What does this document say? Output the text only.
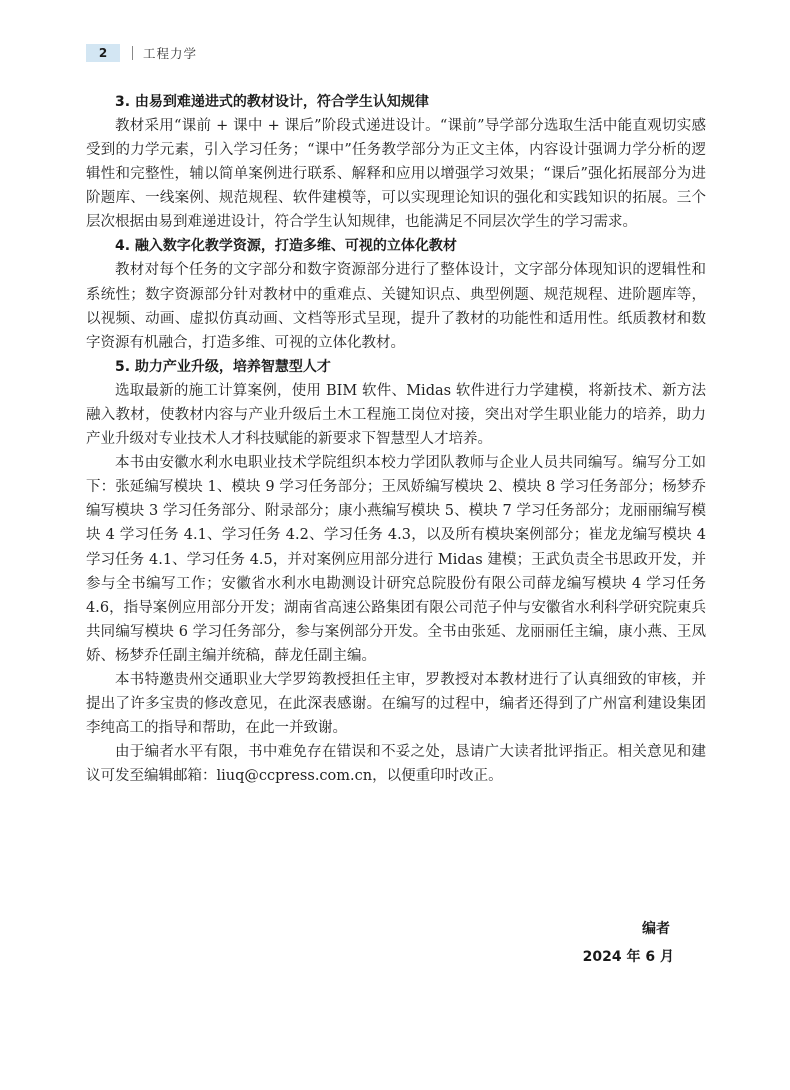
2	工程力学

3. 由易到难递进式的教材设计，符合学生认知规律

教材采用“课前 + 课中 + 课后”阶段式递进设计。“课前”导学部分选取生活中能直观切实感受到的力学元素，引入学习任务；“课中”任务教学部分为正文主体，内容设计强调力学分析的逻辑性和完整性，辅以简单案例进行联系、解释和应用以增强学习效果；“课后”强化拓展部分为进阶题库、一线案例、规范规程、软件建模等，可以实现理论知识的强化和实践知识的拓展。三个层次根据由易到难递进设计，符合学生认知规律，也能满足不同层次学生的学习需求。

4. 融入数字化教学资源，打造多维、可视的立体化教材

教材对每个任务的文字部分和数字资源部分进行了整体设计，文字部分体现知识的逻辑性和系统性；数字资源部分针对教材中的重难点、关键知识点、典型例题、规范规程、进阶题库等，以视频、动画、虚拟仿真动画、文档等形式呈现，提升了教材的功能性和适用性。纸质教材和数字资源有机融合，打造多维、可视的立体化教材。

5. 助力产业升级，培养智慧型人才

选取最新的施工计算案例，使用 BIM 软件、Midas 软件进行力学建模，将新技术、新方法融入教材，使教材内容与产业升级后土木工程施工岗位对接，突出对学生职业能力的培养，助力产业升级对专业技术人才科技赋能的新要求下智慧型人才培养。

本书由安徽水利水电职业技术学院组织本校力学团队教师与企业人员共同编写。编写分工如下：张延编写模块 1、模块 9 学习任务部分；王凤娇编写模块 2、模块 8 学习任务部分；杨梦乔编写模块 3 学习任务部分、附录部分；康小燕编写模块 5、模块 7 学习任务部分；龙丽丽编写模块 4 学习任务 4.1、学习任务 4.2、学习任务 4.3，以及所有模块案例部分；崔龙龙编写模块 4 学习任务 4.1、学习任务 4.5，并对案例应用部分进行 Midas 建模；王武负责全书思政开发，并参与全书编写工作；安徽省水利水电勘测设计研究总院股份有限公司薛龙编写模块 4 学习任务 4.6，指导案例应用部分开发；湖南省高速公路集团有限公司范子仲与安徽省水利科学研究院東兵共同编写模块 6 学习任务部分，参与案例部分开发。全书由张延、龙丽丽任主编，康小燕、王凤娇、杨梦乔任副主编并统稿，薛龙任副主编。

本书特邀贵州交通职业大学罗筠教授担任主审，罗教授对本教材进行了认真细致的审核，并提出了许多宝贵的修改意见，在此深表感谢。在编写的过程中，编者还得到了广州富利建设集团李纯高工的指导和帮助，在此一并致谢。

由于编者水平有限，书中难免存在错误和不妥之处，恳请广大读者批评指正。相关意见和建议可发至编辑邮箱：liuq@ccpress.com.cn，以便重印时改正。

编者
2024 年 6 月
